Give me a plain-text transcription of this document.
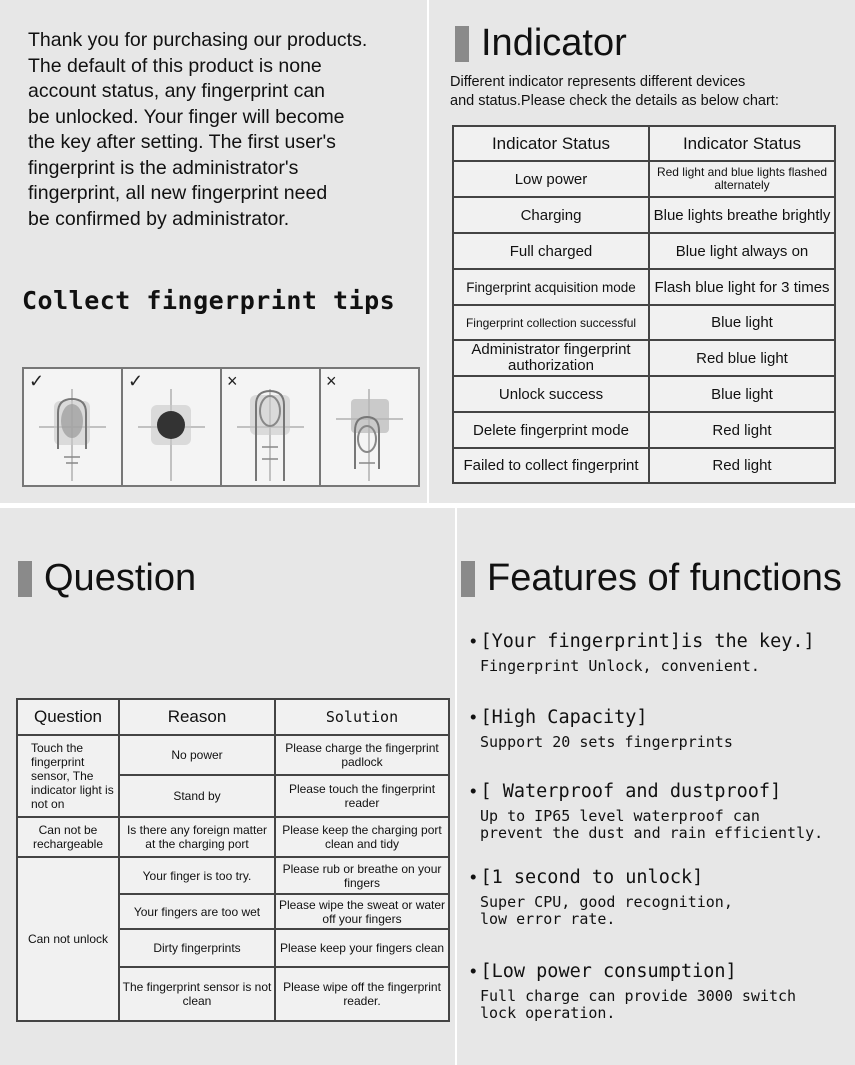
Thank you for purchasing our products.
The default of this product is none
account status, any fingerprint can
be unlocked. Your finger will become
the key after setting. The first user's
fingerprint is the administrator's
fingerprint, all new fingerprint need
be confirmed by administrator.

Collect fingerprint tips
✓	✓	×	×
Indicator

Different indicator represents different devices
and status.Please check the details as below chart:

Indicator Status	Indicator Status
Low power	Red light and blue lights flashed alternately
Charging	Blue lights breathe brightly
Full charged	Blue light always on
Fingerprint acquisition mode	Flash blue light for 3 times
Fingerprint collection successful	Blue light
Administrator fingerprint authorization	Red blue light
Unlock success	Blue light
Delete fingerprint mode	Red light
Failed to collect fingerprint	Red light
Question
Question	Reason	Solution
Touch the fingerprint sensor, The indicator light is not on	No power	Please charge the fingerprint padlock
	Stand by	Please touch the fingerprint reader
Can not be rechargeable	Is there any foreign matter at the charging port	Please keep the charging port clean and tidy
Can not unlock	Your finger is too try.	Please rub or breathe on your fingers
	Your fingers are too wet	Please wipe the sweat or water off your fingers
	Dirty fingerprints	Please keep your fingers clean
	The fingerprint sensor is not clean	Please wipe off the fingerprint reader.
Features of functions
• [Your fingerprint]is the key.]
Fingerprint Unlock, convenient.
• [High Capacity]
Support 20 sets fingerprints
• [ Waterproof and dustproof]
Up to IP65 level waterproof can
prevent the dust and rain efficiently.
• [1 second to unlock]
Super CPU, good recognition,
low error rate.
• [Low power consumption]
Full charge can provide 3000 switch
lock operation.
